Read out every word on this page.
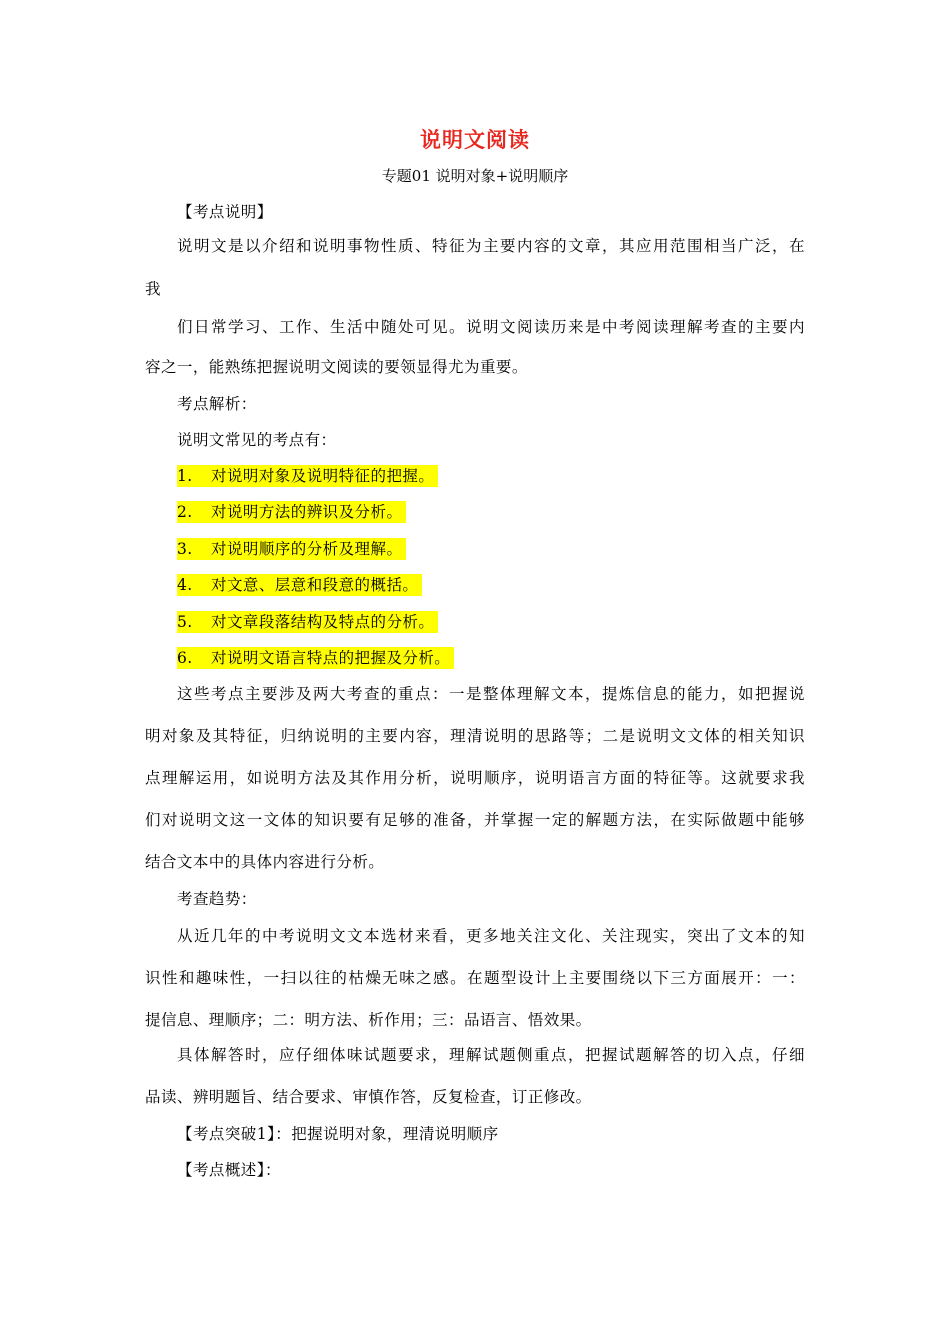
说明文阅读
专题01 说明对象+说明顺序
【考点说明】
说明文是以介绍和说明事物性质、特征为主要内容的文章，其应用范围相当广泛，在
我
们日常学习、工作、生活中随处可见。说明文阅读历来是中考阅读理解考查的主要内
容之一，能熟练把握说明文阅读的要领显得尤为重要。
考点解析：
说明文常见的考点有：
1. 对说明对象及说明特征的把握。
2. 对说明方法的辨识及分析。
3. 对说明顺序的分析及理解。
4. 对文意、层意和段意的概括。
5. 对文章段落结构及特点的分析。
6. 对说明文语言特点的把握及分析。
这些考点主要涉及两大考查的重点：一是整体理解文本，提炼信息的能力，如把握说
明对象及其特征，归纳说明的主要内容，理清说明的思路等；二是说明文文体的相关知识
点理解运用，如说明方法及其作用分析，说明顺序，说明语言方面的特征等。这就要求我
们对说明文这一文体的知识要有足够的准备，并掌握一定的解题方法，在实际做题中能够
结合文本中的具体内容进行分析。
考查趋势：
从近几年的中考说明文文本选材来看，更多地关注文化、关注现实，突出了文本的知
识性和趣味性，一扫以往的枯燥无味之感。在题型设计上主要围绕以下三方面展开：一：
提信息、理顺序；二：明方法、析作用；三：品语言、悟效果。
具体解答时，应仔细体味试题要求，理解试题侧重点，把握试题解答的切入点，仔细
品读、辨明题旨、结合要求、审慎作答，反复检查，订正修改。
【考点突破1】：把握说明对象，理清说明顺序
【考点概述】：
